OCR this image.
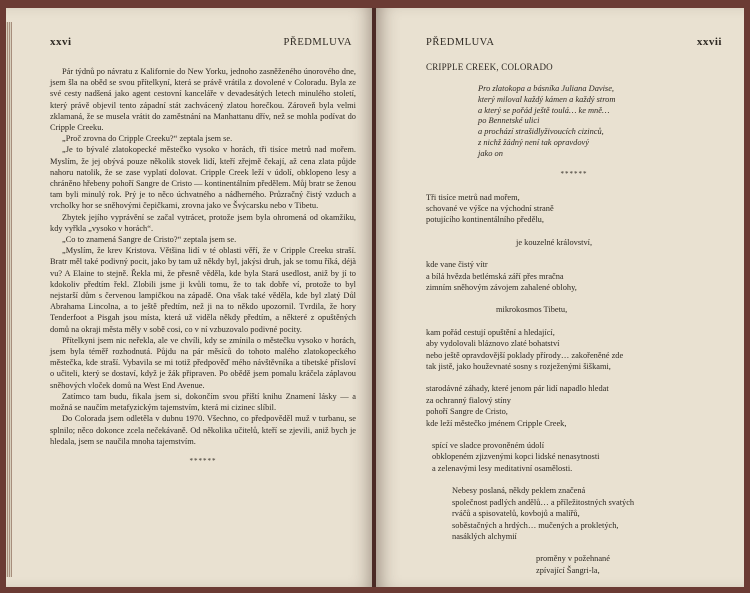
xxvi	PŘEDMLUVA

Pár týdnů po návratu z Kalifornie do New Yorku, jednoho zasněženého únorového dne, jsem šla na oběd se svou přítelkyní, která se právě vrátila z dovolené v Coloradu. Byla ze své cesty nadšená jako agent cestovní kanceláře v devadesátých letech minulého století, který právě objevil tento západní stát zachvácený zlatou horečkou. Zároveň byla velmi zklamaná, že se musela vrátit do zaměstnání na Manhattanu dřív, než se mohla podívat do Cripple Creeku.

„Proč zrovna do Cripple Creeku?“ zeptala jsem se.

„Je to bývalé zlatokopecké městečko vysoko v horách, tři tisíce metrů nad mořem. Myslím, že jej obývá pouze několik stovek lidí, kteří zřejmě čekají, až cena zlata půjde nahoru natolik, že se zase vyplatí dolovat. Cripple Creek leží v údolí, obklopeno lesy a chráněno hřebeny pohoří Sangre de Cristo — kontinentálním předělem. Můj bratr se ženou tam byli minulý rok. Prý je to něco úchvatného a nádherného. Průzračný čistý vzduch a vrcholky hor se sněhovými čepičkami, zrovna jako ve Švýcarsku nebo v Tibetu.

Zbytek jejího vyprávění se začal vytrácet, protože jsem byla ohromená od okamžiku, kdy vyřkla „vysoko v horách“.

„Co to znamená Sangre de Cristo?“ zeptala jsem se.

„Myslím, že krev Kristova. Většina lidí v té oblasti věří, že v Cripple Creeku straší. Bratr měl také podivný pocit, jako by tam už někdy byl, jakýsi druh, jak se tomu říká, déjà vu? A Elaine to stejně. Řekla mi, že přesně věděla, kde byla Stará usedlost, aniž by jí to kdokoliv předtím řekl. Zlobili jsme ji kvůli tomu, že to tak dobře ví, protože to byl nejstarší dům s červenou lampičkou na západě. Ona však také věděla, kde byl zlatý Důl Abrahama Lincolna, a to ještě předtím, než ji na to někdo upozornil. Tvrdila, že hory Tenderfoot a Pisgah jsou místa, která už viděla někdy předtím, a některé z opuštěných domů na okraji města měly v sobě cosi, co v ní vzbuzovalo podivné pocity.

Přítelkyni jsem nic neřekla, ale ve chvíli, kdy se zmínila o městečku vysoko v horách, jsem byla téměř rozhodnutá. Půjdu na pár měsíců do tohoto malého zlatokopeckého městečka, kde straší. Vybavila se mi totiž předpověď mého návštěvníka a tibetské přísloví o učiteli, který se dostaví, když je žák připraven. Po obědě jsem pomalu kráčela záplavou sněhových vloček domů na West End Avenue.

Zatímco tam budu, fikala jsem si, dokončím svou příští knihu Znamení lásky — a možná se naučím metafyzickým tajemstvím, která mi cizinec slíbil.

Do Colorada jsem odletěla v dubnu 1970. Všechno, co předpověděl muž v turbanu, se splnilo; něco dokonce zcela nečekávaně. Od několika učitelů, kteří se zjevili, aniž bych je hledala, jsem se naučila mnoha tajemstvím.

******
PŘEDMLUVA	xxvii
CRIPPLE CREEK, COLORADO
Pro zlatokopa a básníka Juliana Davise,
který miloval každý kámen a každý strom
a který se pořád ještě toulá… ke mně…
po Bennetské ulici
a prochází strašidlyživoucích cizinců,
z nichž žádný není tak opravdový
jako on
******
Tři tisíce metrů nad mořem,
schované ve výšce na východní straně
potujícího kontinentálního předělu,
je kouzelné království,
kde vane čistý vítr
a bílá hvězda betlémská září přes mračna
zimním sněhovým závojem zahalené oblohy,
mikrokosmos Tibetu,
kam pořád cestují opuštění a hledající,
aby vydolovali bláznovo zlaté bohatství
nebo ještě opravdovější poklady přírody… zakořeněné zde
tak jistě, jako houževnaté sosny s rozježenými šiškami,
starodávné záhady, které jenom pár lidí napadlo hledat
za ochranný fialový stíny
pohoří Sangre de Cristo,
kde leží městečko jménem Cripple Creek,
spící ve sladce provoněném údolí
obklopeném zjizvenými kopci lidské nenasytnosti
a zelenavými lesy meditativní osamělosti.
Nebesy poslaná, někdy peklem značená
společnost padlých andělů… a příležitostných svatých
rváčů a spisovatelů, kovbojů a malířů,
soběstačných a hrdých… mučených a prokletých,
nasáklých alchymií
proměny v požehnané
zpívající Šangri-la,
